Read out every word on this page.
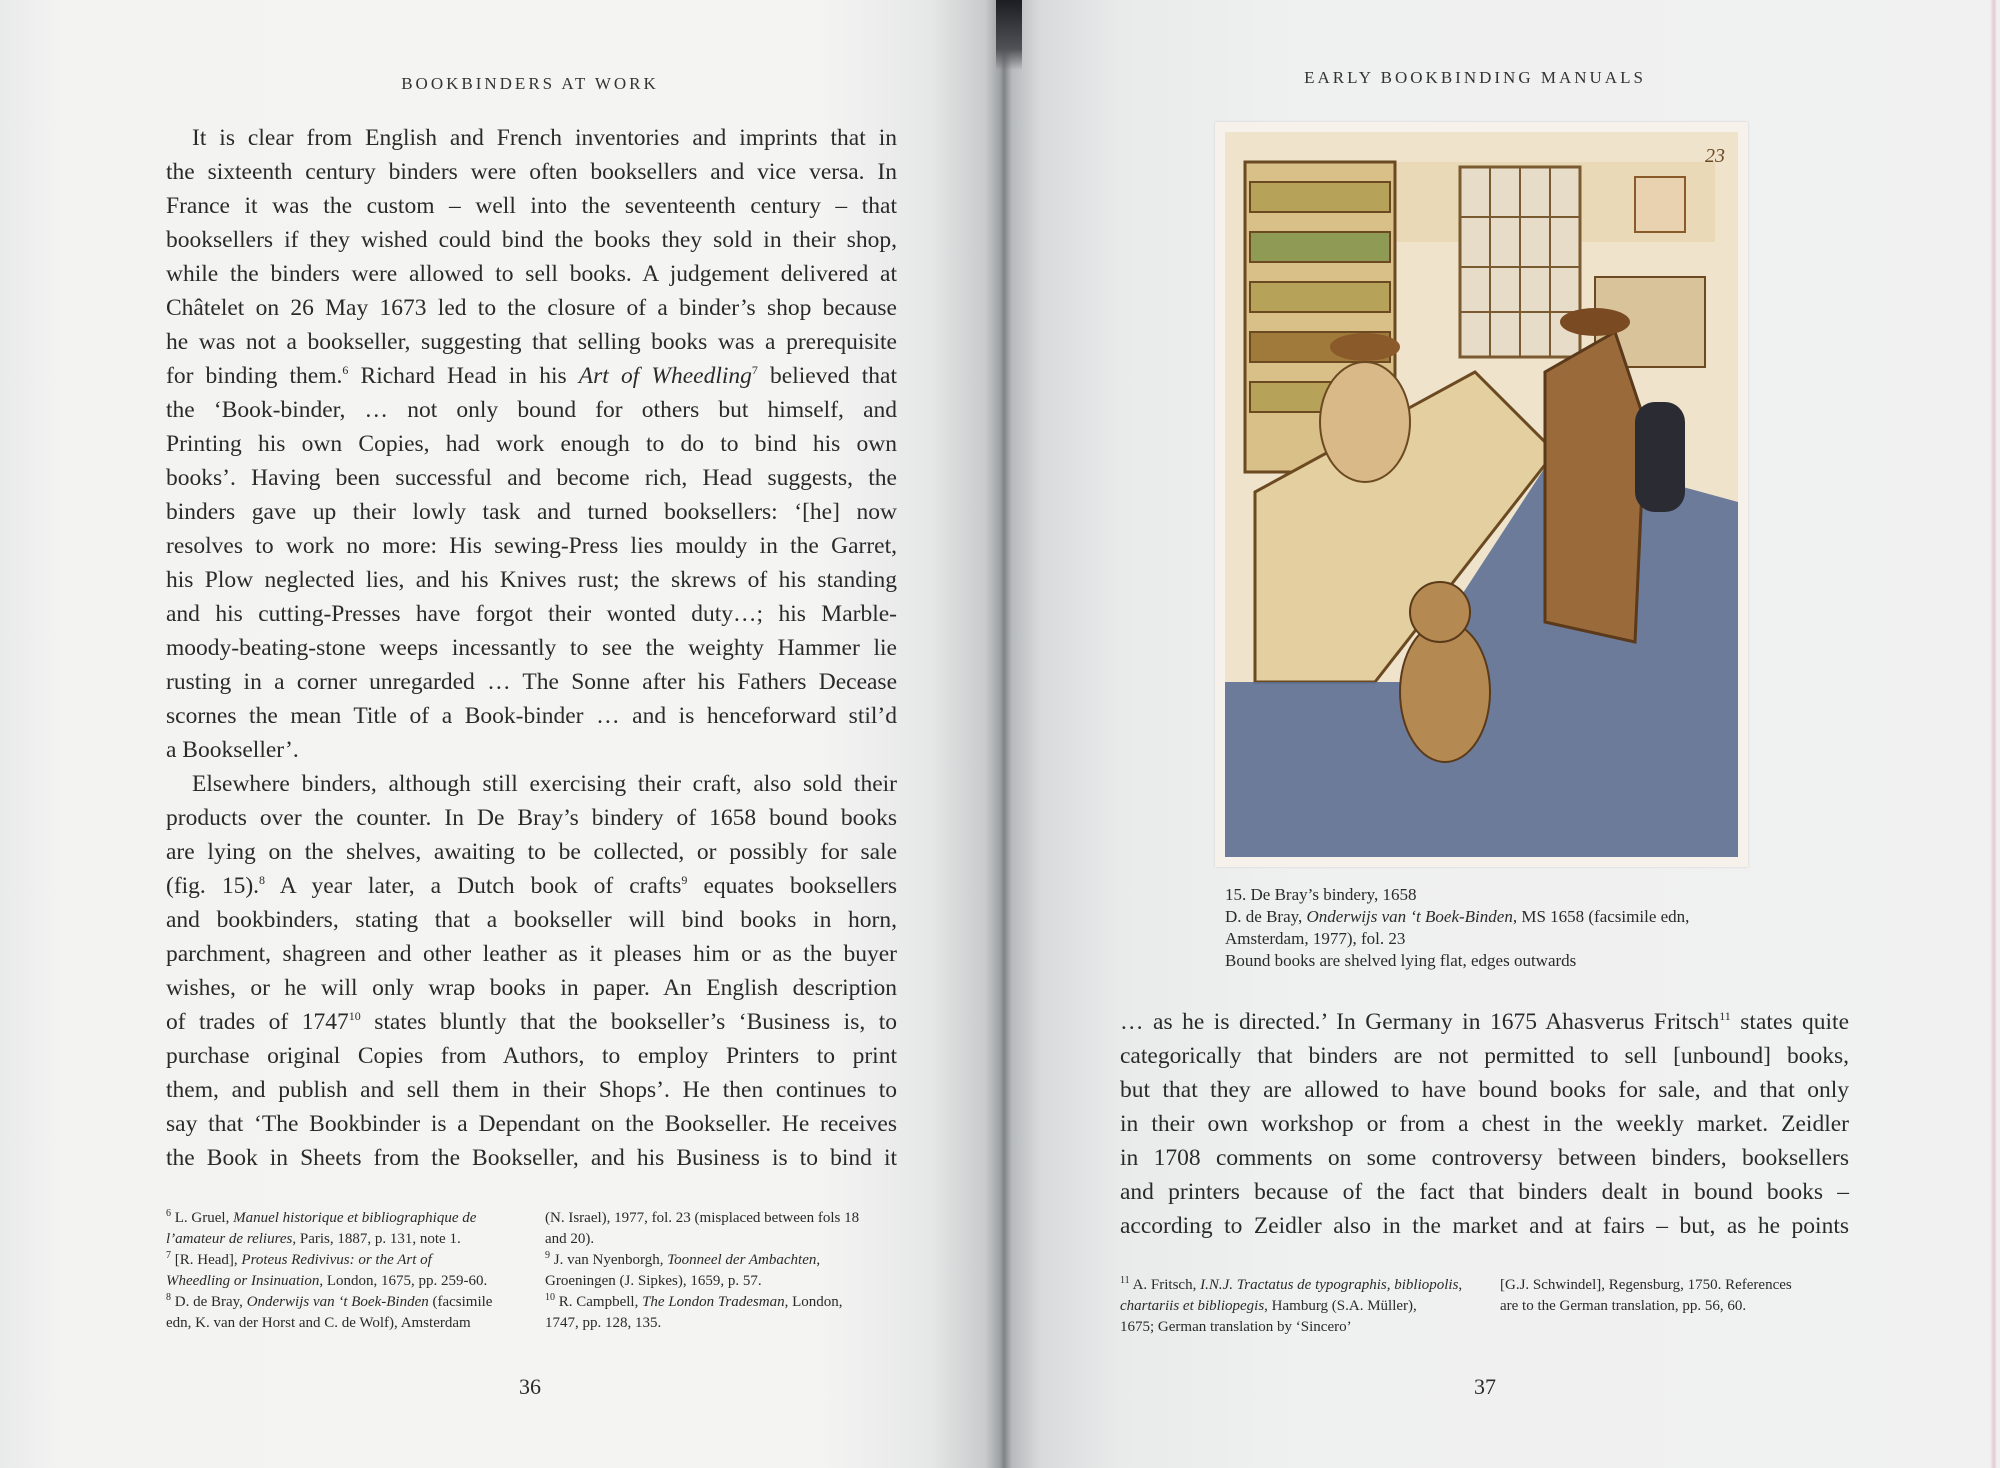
BOOKBINDERS AT WORK
It is clear from English and French inventories and imprints that in
the sixteenth century binders were often booksellers and vice versa. In
France it was the custom – well into the seventeenth century – that
booksellers if they wished could bind the books they sold in their shop,
while the binders were allowed to sell books. A judgement delivered at
Châtelet on 26 May 1673 led to the closure of a binder’s shop because
he was not a bookseller, suggesting that selling books was a prerequisite
for binding them.$^6$ Richard Head in his Art of Wheedling$^7$ believed that
the ‘Book-binder, … not only bound for others but himself, and
Printing his own Copies, had work enough to do to bind his own
books’. Having been successful and become rich, Head suggests, the
binders gave up their lowly task and turned booksellers: ‘[he] now
resolves to work no more: His sewing-Press lies mouldy in the Garret,
his Plow neglected lies, and his Knives rust; the skrews of his standing
and his cutting-Presses have forgot their wonted duty…; his Marble-
moody-beating-stone weeps incessantly to see the weighty Hammer lie
rusting in a corner unregarded … The Sonne after his Fathers Decease
scornes the mean Title of a Book-binder … and is henceforward stil’d
a Bookseller’.
Elsewhere binders, although still exercising their craft, also sold their
products over the counter. In De Bray’s bindery of 1658 bound books
are lying on the shelves, awaiting to be collected, or possibly for sale
(fig. 15).$^8$ A year later, a Dutch book of crafts$^9$ equates booksellers
and bookbinders, stating that a bookseller will bind books in horn,
parchment, shagreen and other leather as it pleases him or as the buyer
wishes, or he will only wrap books in paper. An English description
of trades of 1747$^{10}$ states bluntly that the bookseller’s ‘Business is, to
purchase original Copies from Authors, to employ Printers to print
them, and publish and sell them in their Shops’. He then continues to
say that ‘The Bookbinder is a Dependant on the Bookseller. He receives
the Book in Sheets from the Bookseller, and his Business is to bind it
$^6$ L. Gruel, Manuel historique et bibliographique de
l’amateur de reliures, Paris, 1887, p. 131, note 1.
$^7$ [R. Head], Proteus Redivivus: or the Art of
Wheedling or Insinuation, London, 1675, pp. 259-60.
$^8$ D. de Bray, Onderwijs van ‘t Boek-Binden (facsimile
edn, K. van der Horst and C. de Wolf), Amsterdam
(N. Israel), 1977, fol. 23 (misplaced between fols 18
and 20).
$^9$ J. van Nyenborgh, Toonneel der Ambachten,
Groeningen (J. Sipkes), 1659, p. 57.
$^{10}$ R. Campbell, The London Tradesman, London,
1747, pp. 128, 135.
36
EARLY BOOKBINDING MANUALS
23
15. De Bray’s bindery, 1658
D. de Bray, Onderwijs van ‘t Boek-Binden, MS 1658 (facsimile edn,
Amsterdam, 1977), fol. 23
Bound books are shelved lying flat, edges outwards
… as he is directed.’ In Germany in 1675 Ahasverus Fritsch$^{11}$ states quite
categorically that binders are not permitted to sell [unbound] books,
but that they are allowed to have bound books for sale, and that only
in their own workshop or from a chest in the weekly market. Zeidler
in 1708 comments on some controversy between binders, booksellers
and printers because of the fact that binders dealt in bound books –
according to Zeidler also in the market and at fairs – but, as he points
$^{11}$ A. Fritsch, I.N.J. Tractatus de typographis, bibliopolis,
chartariis et bibliopegis, Hamburg (S.A. Müller),
1675; German translation by ‘Sincero’
[G.J. Schwindel], Regensburg, 1750. References
are to the German translation, pp. 56, 60.
37
